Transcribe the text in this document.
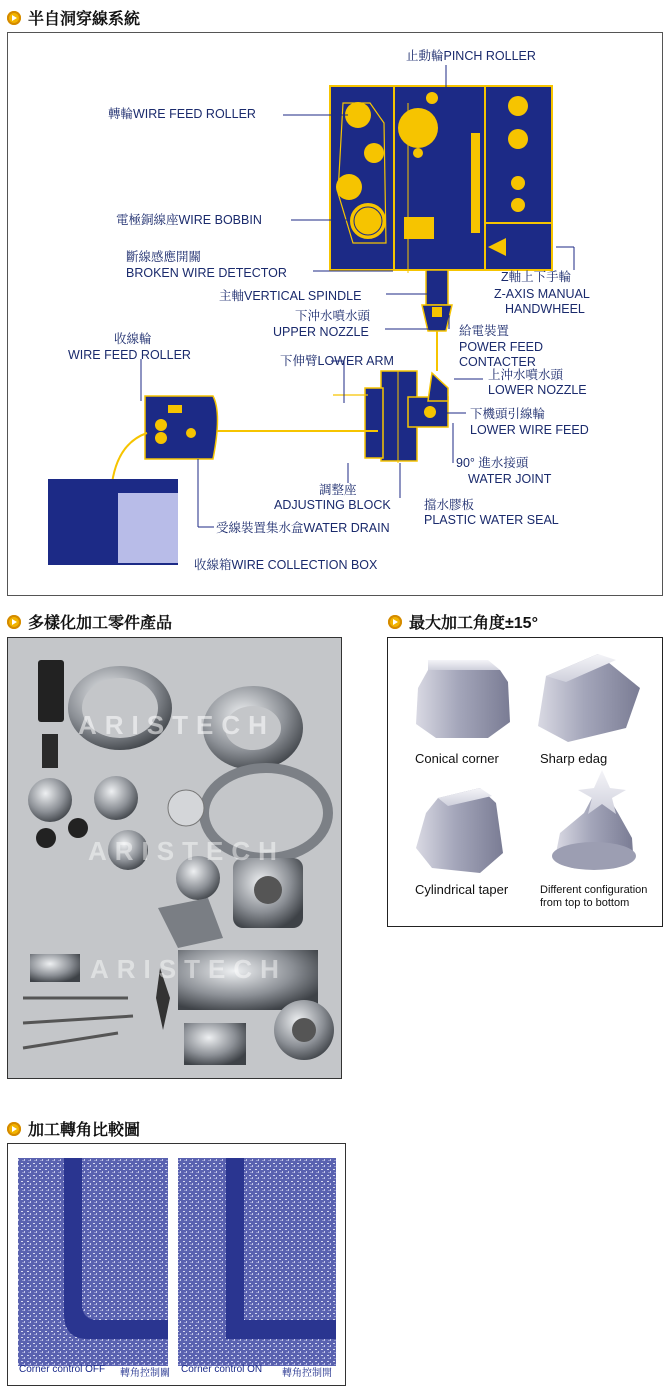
半自洞穿線系統
止動輪PINCH ROLLER
轉輪WIRE FEED ROLLER
電極銅線座WIRE BOBBIN
斷線感應開關
BROKEN WIRE DETECTOR	Z軸上下手輪
Z-AXIS MANUAL
HANDWHEEL
主軸VERTICAL SPINDLE
下沖水噴水頭
UPPER NOZZLE	給電裝置
POWER FEED
CONTACTER
收線輪
WIRE FEED ROLLER	下伸臂LOWER ARM
上沖水噴水頭
LOWER NOZZLE
下機頭引線輪
LOWER WIRE FEED
90° 進水接頭
WATER JOINT
調整座
ADJUSTING BLOCK	擋水膠板
PLASTIC WATER SEAL
受線裝置集水盒WATER DRAIN
收線箱WIRE COLLECTION BOX
多樣化加工零件產品	最大加工角度±15°
ARISTECH
ARISTECH
ARISTECH
Conical corner	Sharp edag
Cylindrical taper	Different configuration from top to bottom
加工轉角比較圖
Corner control OFF 轉角控制關 Corner control ON 轉角控制開
